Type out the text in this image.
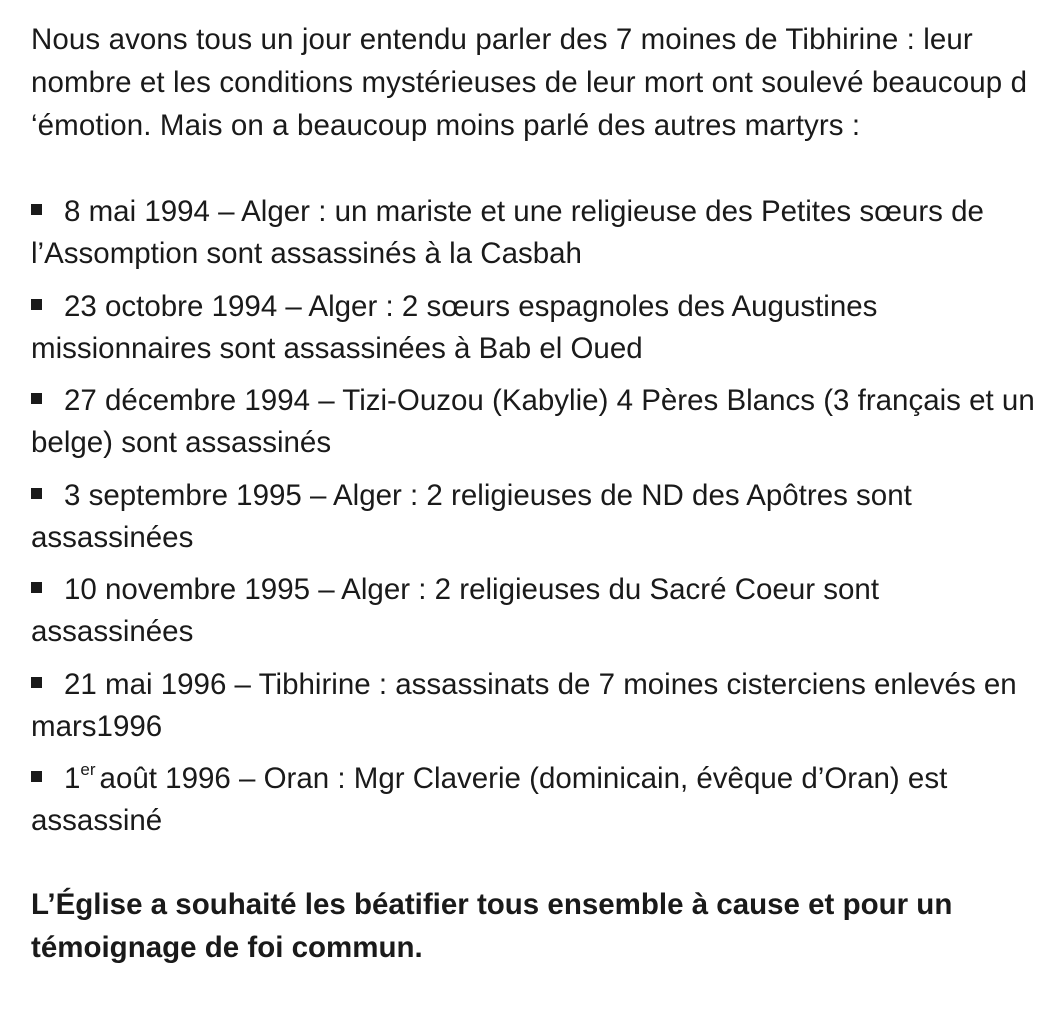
Nous avons tous un jour entendu parler des 7 moines de Tibhirine : leur nombre et les conditions mystérieuses de leur mort ont soulevé beaucoup d ‘émotion. Mais on a beaucoup moins parlé des autres martyrs :

8 mai 1994 – Alger : un mariste et une religieuse des Petites sœurs de l’Assomption sont assassinés à la Casbah
23 octobre 1994 – Alger : 2 sœurs espagnoles des Augustines missionnaires sont assassinées à Bab el Oued
27 décembre 1994 – Tizi-Ouzou (Kabylie) 4 Pères Blancs (3 français et un belge) sont assassinés
3 septembre 1995 – Alger : 2 religieuses de ND des Apôtres sont assassinées
10 novembre 1995 – Alger : 2 religieuses du Sacré Coeur sont assassinées
21 mai 1996 – Tibhirine : assassinats de 7 moines cisterciens enlevés en mars1996
1er août 1996 – Oran : Mgr Claverie (dominicain, évêque d’Oran) est assassiné

L’Église a souhaité les béatifier tous ensemble à cause et pour un témoignage de foi commun.
